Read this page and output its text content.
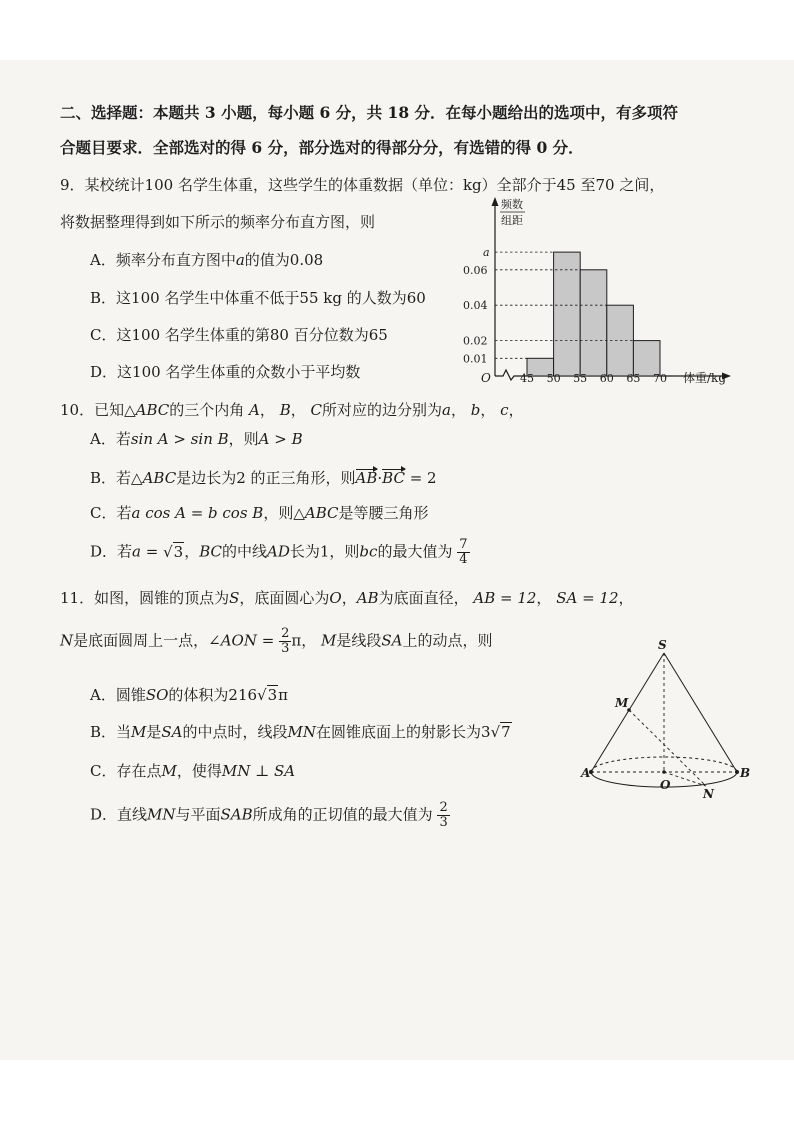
二、选择题：本题共 3 小题，每小题 6 分，共 18 分．在每小题给出的选项中，有多项符
合题目要求．全部选对的得 6 分，部分选对的得部分分，有选错的得 0 分．
9．某校统计100 名学生体重，这些学生的体重数据（单位：kg）全部介于45 至70 之间，
将数据整理得到如下所示的频率分布直方图，则
A．频率分布直方图中a的值为0.08
B．这100 名学生中体重不低于55 kg 的人数为60
C．这100 名学生体重的第80 百分位数为65
D．这100 名学生体重的众数小于平均数
频数
组距
O	体重/kg
a
0.06
0.04
0.02
0.01
45 50 55 60 65 70
10．已知△ABC的三个内角 A， B， C所对应的边分别为a， b， c，
A．若sin A > sin B，则A > B
B．若△ABC是边长为2 的正三角形，则AB·BC = 2
C．若a cos A = b cos B，则△ABC是等腰三角形
D．若a = √3，BC的中线AD长为1，则bc的最大值为 $\frac{7}{4}$
11．如图，圆锥的顶点为S，底面圆心为O，AB为底面直径， AB = 12， SA = 12，
N是底面圆周上一点，∠AON = $\frac{2}{3}$ π， M是线段SA上的动点，则
A．圆锥SO的体积为216√3π
B．当M是SA的中点时，线段MN在圆锥底面上的射影长为3√7
C．存在点M，使得MN ⊥ SA
D．直线MN与平面SAB所成角的正切值的最大值为 $\frac{2}{3}$
S
M
A	B
O
N
